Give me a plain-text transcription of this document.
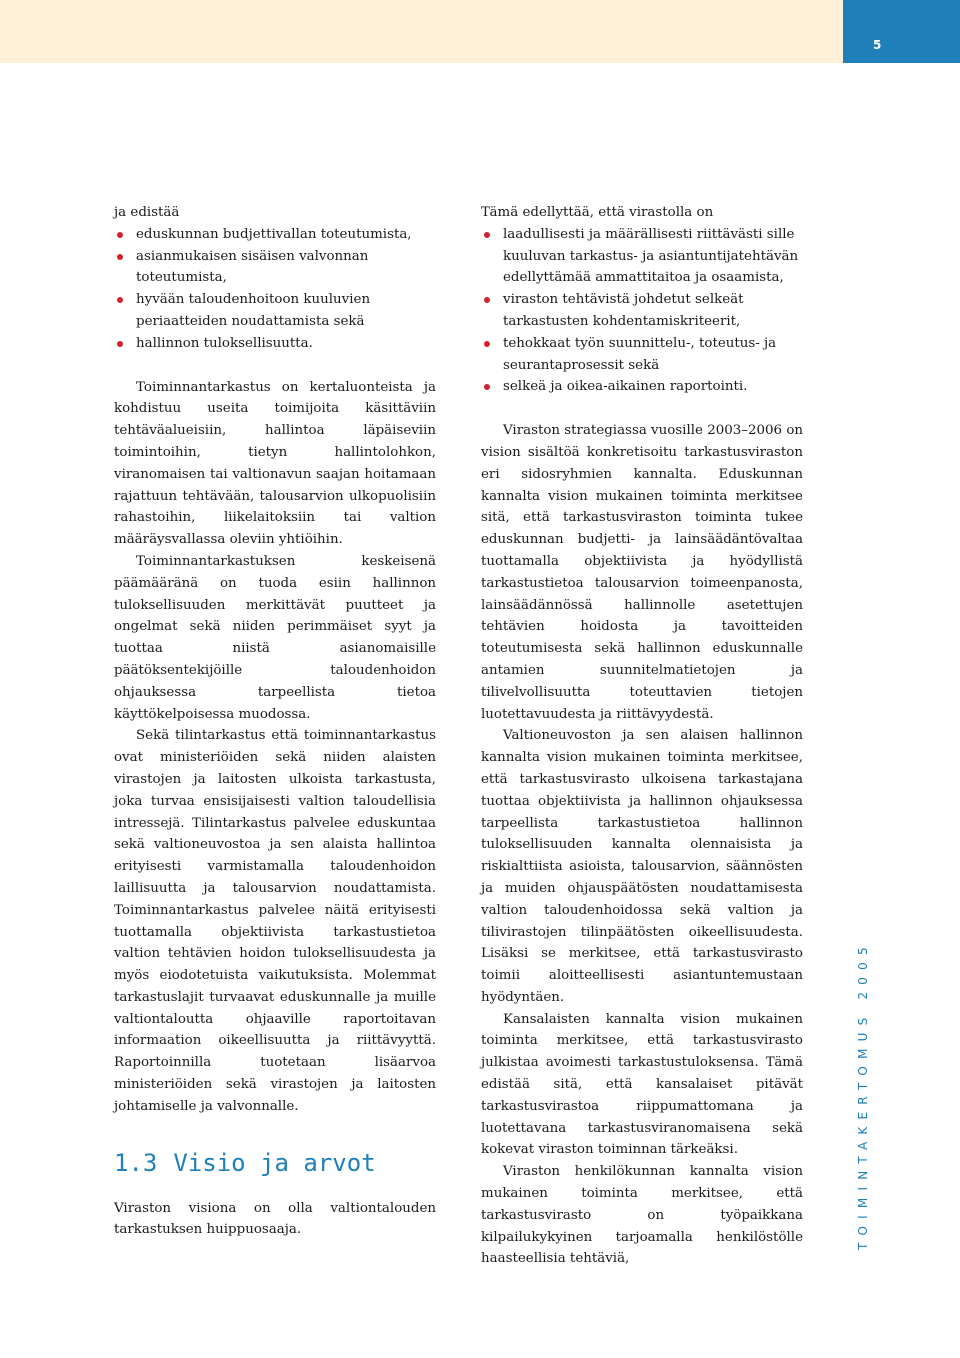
5

ja edistää

eduskunnan budjettivallan toteutumista,
asianmukaisen sisäisen valvonnan toteutumista,
hyvään taloudenhoitoon kuuluvien periaatteiden noudattamista sekä
hallinnon tuloksellisuutta.

Toiminnantarkastus on kertaluonteista ja kohdistuu useita toimijoita käsittäviin tehtäväalueisiin, hallintoa läpäiseviin toimintoihin, tietyn hallintolohkon, viranomaisen tai valtionavun saajan hoitamaan rajattuun tehtävään, talousarvion ulkopuolisiin rahastoihin, liikelaitoksiin tai valtion määräysvallassa oleviin yhtiöihin.

Toiminnantarkastuksen keskeisenä päämääränä on tuoda esiin hallinnon tuloksellisuuden merkittävät puutteet ja ongelmat sekä niiden perimmäiset syyt ja tuottaa niistä asianomaisille päätöksentekijöille taloudenhoidon ohjauksessa tarpeellista tietoa käyttökelpoisessa muodossa.

Sekä tilintarkastus että toiminnantarkastus ovat ministeriöiden sekä niiden alaisten virastojen ja laitosten ulkoista tarkastusta, joka turvaa ensisijaisesti valtion taloudellisia intressejä. Tilintarkastus palvelee eduskuntaa sekä valtioneuvostoa ja sen alaista hallintoa erityisesti varmistamalla taloudenhoidon laillisuutta ja talousarvion noudattamista. Toiminnantarkastus palvelee näitä erityisesti tuottamalla objektiivista tarkastustietoa valtion tehtävien hoidon tuloksellisuudesta ja myös eiodotetuista vaikutuksista. Molemmat tarkastuslajit turvaavat eduskunnalle ja muille valtiontaloutta ohjaaville raportoitavan informaation oikeellisuutta ja riittävyyttä. Raportoinnilla tuotetaan lisäarvoa ministeriöiden sekä virastojen ja laitosten johtamiselle ja valvonnalle.

1.3 Visio ja arvot

Viraston visiona on olla valtiontalouden tarkastuksen huippuosaaja.

Tämä edellyttää, että virastolla on

laadullisesti ja määrällisesti riittävästi sille kuuluvan tarkastus- ja asiantuntijatehtävän edellyttämää ammattitaitoa ja osaamista,
viraston tehtävistä johdetut selkeät tarkastusten kohdentamiskriteerit,
tehokkaat työn suunnittelu-, toteutus- ja seurantaprosessit sekä
selkeä ja oikea-aikainen raportointi.

Viraston strategiassa vuosille 2003–2006 on vision sisältöä konkretisoitu tarkastusviraston eri sidosryhmien kannalta. Eduskunnan kannalta vision mukainen toiminta merkitsee sitä, että tarkastusviraston toiminta tukee eduskunnan budjetti- ja lainsäädäntövaltaa tuottamalla objektiivista ja hyödyllistä tarkastustietoa talousarvion toimeenpanosta, lainsäädännössä hallinnolle asetettujen tehtävien hoidosta ja tavoitteiden toteutumisesta sekä hallinnon eduskunnalle antamien suunnitelmatietojen ja tilivelvollisuutta toteuttavien tietojen luotettavuudesta ja riittävyydestä.

Valtioneuvoston ja sen alaisen hallinnon kannalta vision mukainen toiminta merkitsee, että tarkastusvirasto ulkoisena tarkastajana tuottaa objektiivista ja hallinnon ohjauksessa tarpeellista tarkastustietoa hallinnon tuloksellisuuden kannalta olennaisista ja riskialttiista asioista, talousarvion, säännösten ja muiden ohjauspäätösten noudattamisesta valtion taloudenhoidossa sekä valtion ja tilivirastojen tilinpäätösten oikeellisuudesta. Lisäksi se merkitsee, että tarkastusvirasto toimii aloitteellisesti asiantuntemustaan hyödyntäen.

Kansalaisten kannalta vision mukainen toiminta merkitsee, että tarkastusvirasto julkistaa avoimesti tarkastustuloksensa. Tämä edistää sitä, että kansalaiset pitävät tarkastusvirastoa riippumattomana ja luotettavana tarkastusviranomaisena sekä kokevat viraston toiminnan tärkeäksi.

Viraston henkilökunnan kannalta vision mukainen toiminta merkitsee, että tarkastusvirasto on työpaikkana kilpailukykyinen tarjoamalla henkilöstölle haasteellisia tehtäviä,

TOIMINTAKERTOMUS 2005
